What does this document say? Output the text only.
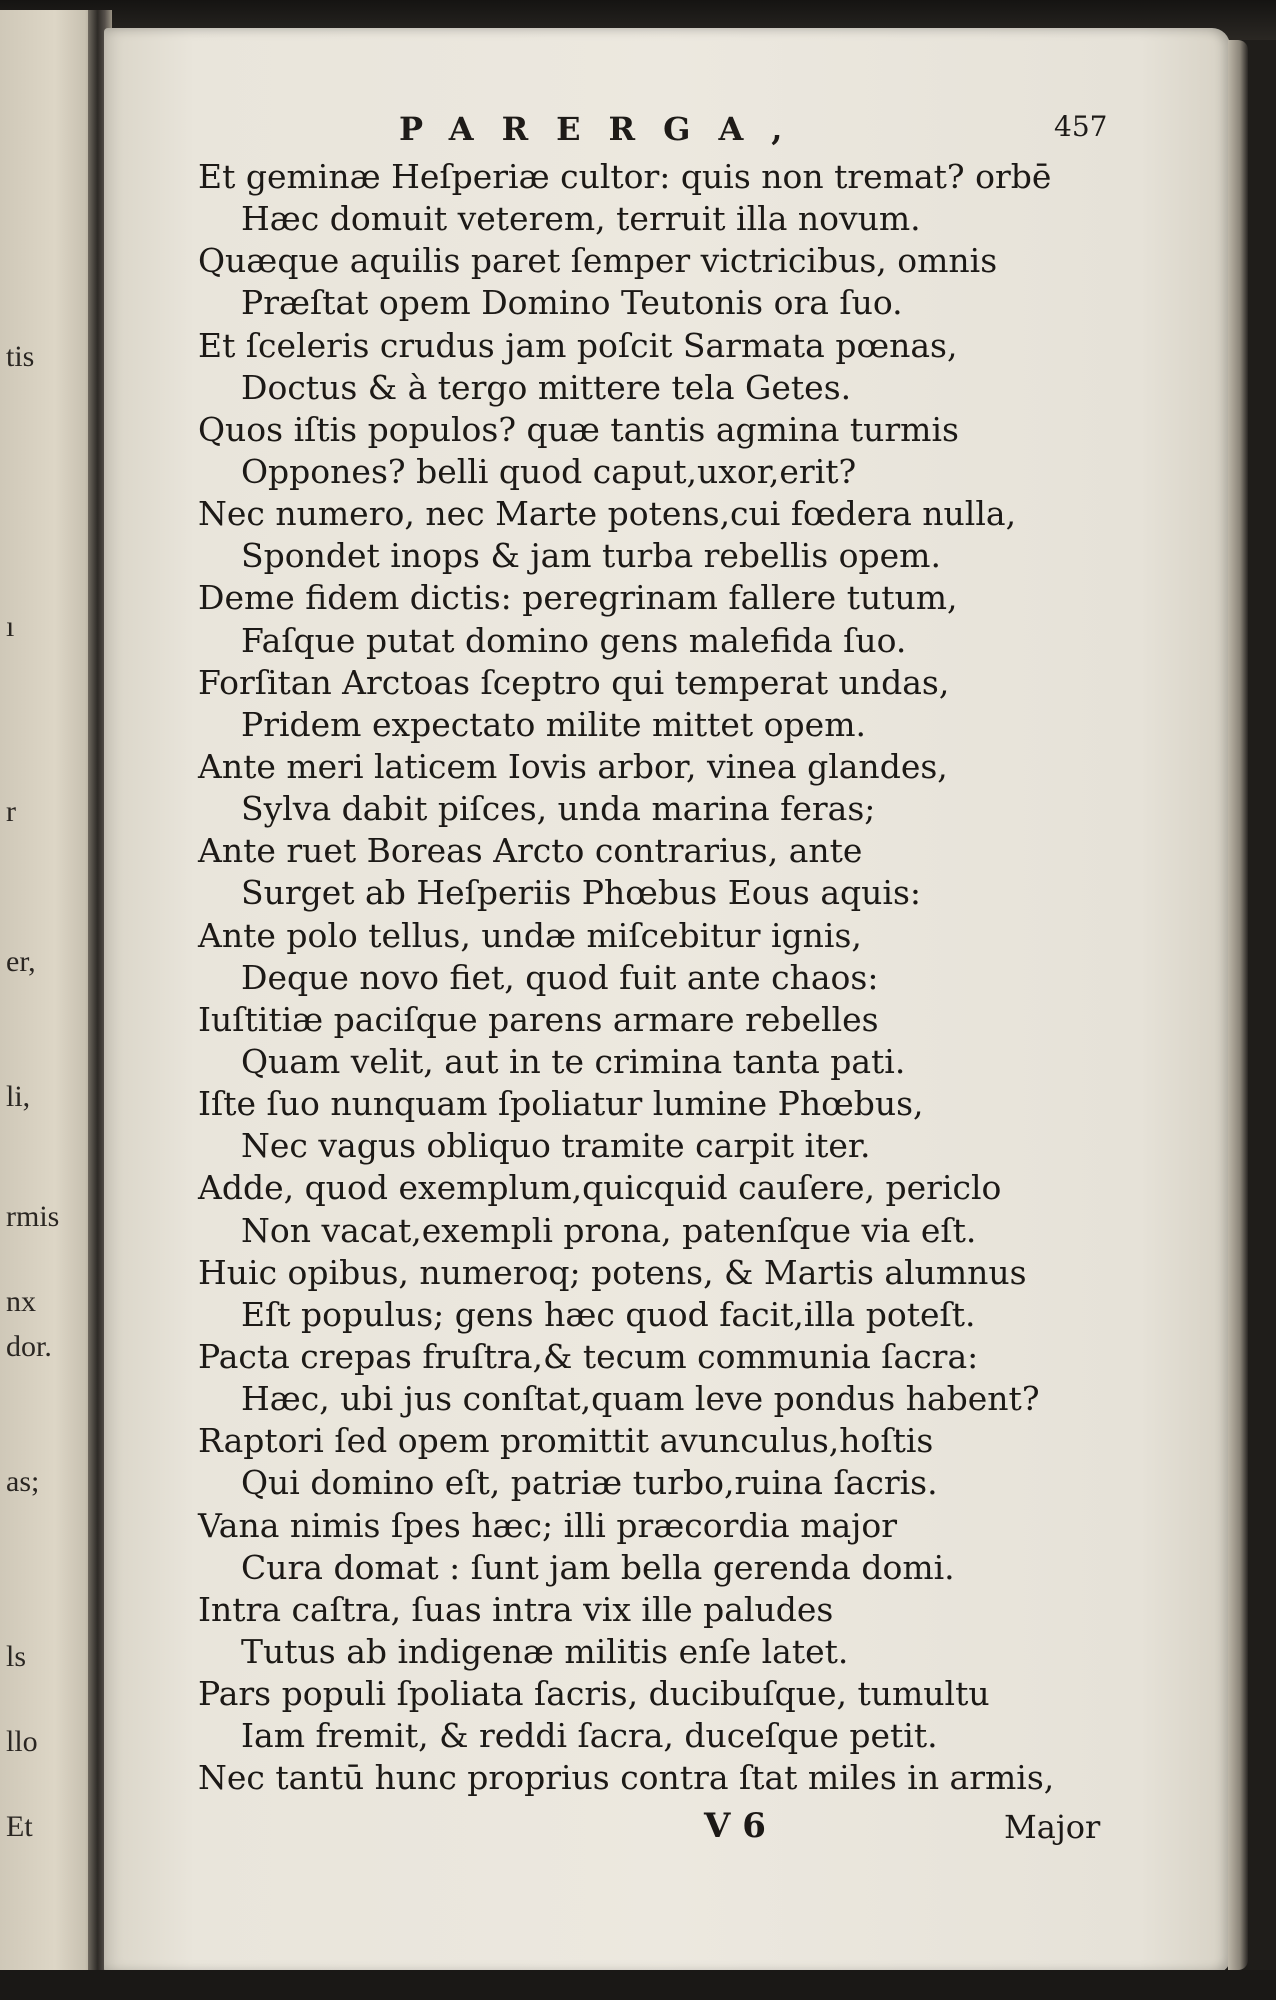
tis
ı
r
er,
li,
rmis
nx
dor.
as;
ls
llo
Et
PARERGA,	457
Et geminæ Heſperiæ cultor: quis non tremat? orbē
Hæc domuit veterem, terruit illa novum.
Quæque aquilis paret ſemper victricibus, omnis
Præſtat opem Domino Teutonis ora ſuo.
Et ſceleris crudus jam poſcit Sarmata pœnas,
Doctus & à tergo mittere tela Getes.
Quos iſtis populos? quæ tantis agmina turmis
Oppones? belli quod caput,uxor,erit?
Nec numero, nec Marte potens,cui fœdera nulla,
Spondet inops & jam turba rebellis opem.
Deme fidem dictis: peregrinam fallere tutum,
Faſque putat domino gens malefida ſuo.
Forſitan Arctoas ſceptro qui temperat undas,
Pridem expectato milite mittet opem.
Ante meri laticem Iovis arbor, vinea glandes,
Sylva dabit piſces, unda marina feras;
Ante ruet Boreas Arcto contrarius, ante
Surget ab Heſperiis Phœbus Eous aquis:
Ante polo tellus, undæ miſcebitur ignis,
Deque novo fiet, quod fuit ante chaos:
Iuſtitiæ paciſque parens armare rebelles
Quam velit, aut in te crimina tanta pati.
Iſte ſuo nunquam ſpoliatur lumine Phœbus,
Nec vagus obliquo tramite carpit iter.
Adde, quod exemplum,quicquid cauſere, periclo
Non vacat,exempli prona, patenſque via eſt.
Huic opibus, numeroq; potens, & Martis alumnus
Eſt populus; gens hæc quod facit,illa poteſt.
Pacta crepas fruſtra,& tecum communia ſacra:
Hæc, ubi jus conſtat,quam leve pondus habent?
Raptori ſed opem promittit avunculus,hoſtis
Qui domino eſt, patriæ turbo,ruina ſacris.
Vana nimis ſpes hæc; illi præcordia major
Cura domat : ſunt jam bella gerenda domi.
Intra caſtra, ſuas intra vix ille paludes
Tutus ab indigenæ militis enſe latet.
Pars populi ſpoliata ſacris, ducibuſque, tumultu
Iam fremit, & reddi ſacra, duceſque petit.
Nec tantū hunc proprius contra ſtat miles in armis,
V 6	Major
